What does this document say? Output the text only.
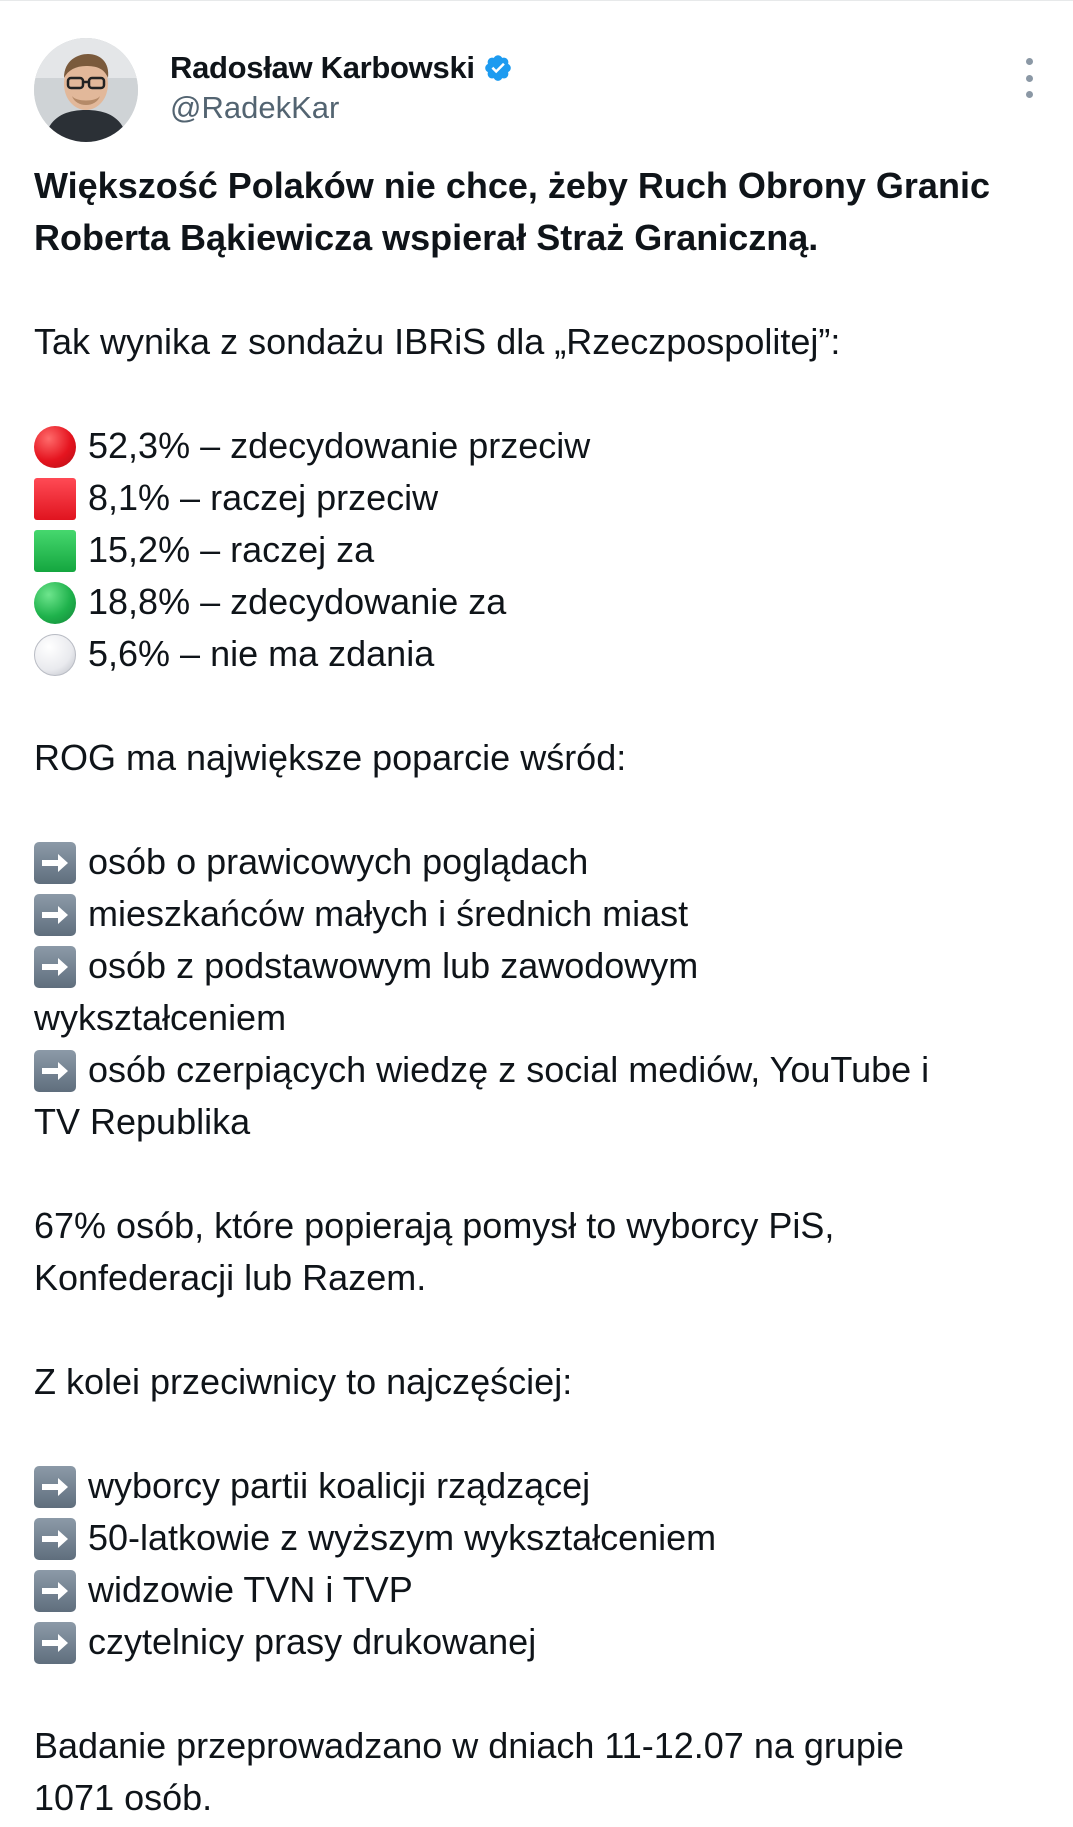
Radosław Karbowski
@RadekKar
Większość Polaków nie chce, żeby Ruch Obrony Granic
Roberta Bąkiewicza wspierał Straż Graniczną.
Tak wynika z sondażu IBRiS dla „Rzeczpospolitej”:
52,3% – zdecydowanie przeciw
8,1% – raczej przeciw
15,2% – raczej za
18,8% – zdecydowanie za
5,6% – nie ma zdania
ROG ma największe poparcie wśród:
osób o prawicowych poglądach
mieszkańców małych i średnich miast
osób z podstawowym lub zawodowym
wykształceniem
osób czerpiących wiedzę z social mediów, YouTube i
TV Republika
67% osób, które popierają pomysł to wyborcy PiS,
Konfederacji lub Razem.
Z kolei przeciwnicy to najczęściej:
wyborcy partii koalicji rządzącej
50-latkowie z wyższym wykształceniem
widzowie TVN i TVP
czytelnicy prasy drukowanej
Badanie przeprowadzano w dniach 11-12.07 na grupie
1071 osób.
